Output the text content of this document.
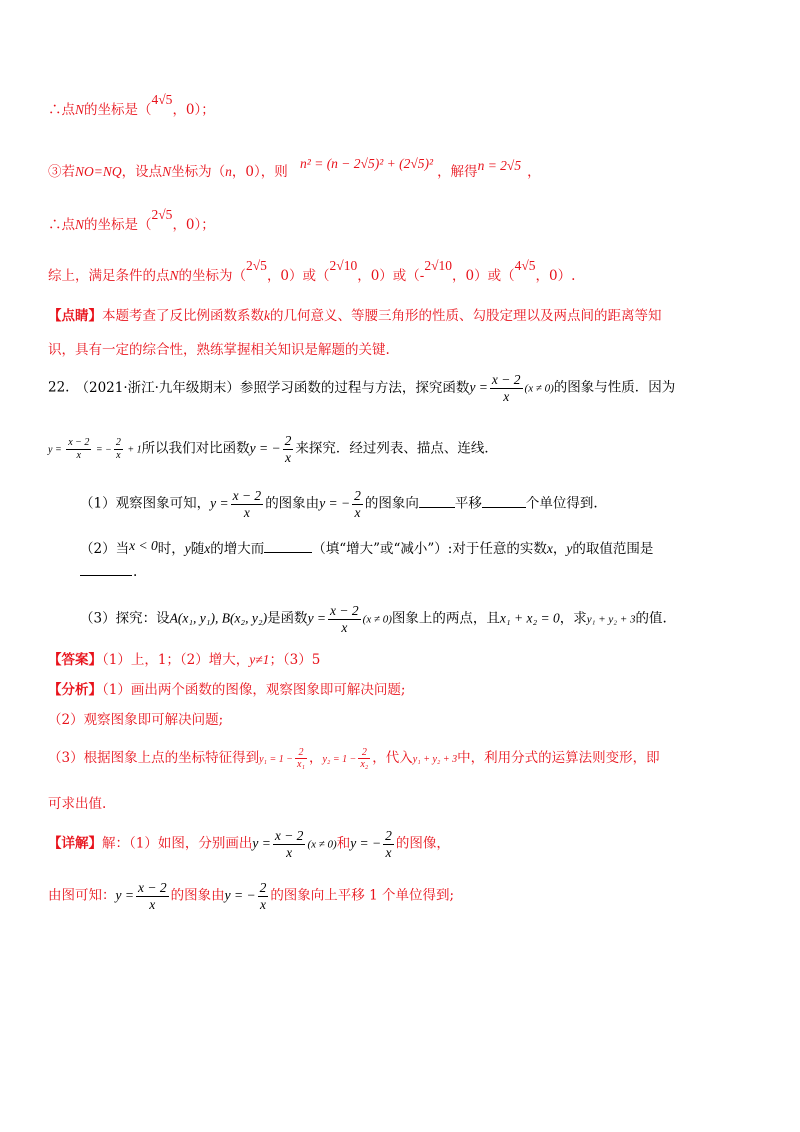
∴点N的坐标是（4√5，0）；
③若NO=NQ，设点N坐标为（n，0），则 n² = (n − 2√5)² + (2√5)²，解得n = 2√5 ，
∴点N的坐标是（2√5，0）；
综上，满足条件的点N的坐标为（2√5，0）或（2√10，0）或（-2√10，0）或（4√5，0）.
【点睛】本题考查了反比例函数系数k的几何意义、等腰三角形的性质、勾股定理以及两点间的距离等知
识，具有一定的综合性，熟练掌握相关知识是解题的关键.
22. （2021·浙江·九年级期末）参照学习函数的过程与方法，探究函数$y = \frac{x - 2}{x} (x \ne 0)$的图象与性质．因为
$y = \frac{x - 2}{x}$ = − $\frac{2}{x} + 1$所以我们对比函数y = − $\frac{2}{x}$ 来探究．经过列表、描点、连线．
（1）观察图象可知，$y = \frac{x - 2}{x}$ 的图象由y = − $\frac{2}{x}$ 的图象向	平移	个单位得到.
（2）当x < 0时，y随x的增大而	（填“增大”或“减小”）:对于任意的实数x，y的取值范围是
.
（3）探究：设A(x₁, y₁), B(x₂, y₂)是函数$y = \frac{x - 2}{x} (x \ne 0)$图象上的两点，且x₁ + x₂ = 0，求y₁ + y₂ + 3的值.
【答案】（1）上，1；（2）增大，y≠1；（3）5
【分析】（1）画出两个函数的图像，观察图象即可解决问题;
（2）观察图象即可解决问题;
（3）根据图象上点的坐标特征得到$y_1 = 1 - \frac{2}{\text{x₁}}$ ，$y_2 = 1 - \frac{2}{\text{x₂}}$ ，代入y₁ + y₂ + 3中，利用分式的运算法则变形，即
可求出值.
【详解】解：（1）如图，分别画出$y = \frac{x - 2}{x} (x \ne 0)$和y = − $\frac{2}{x}$ 的图像，
由图可知：$y = \frac{x - 2}{x}$ 的图象由y = − $\frac{2}{x}$ 的图象向上平移 1 个单位得到;
